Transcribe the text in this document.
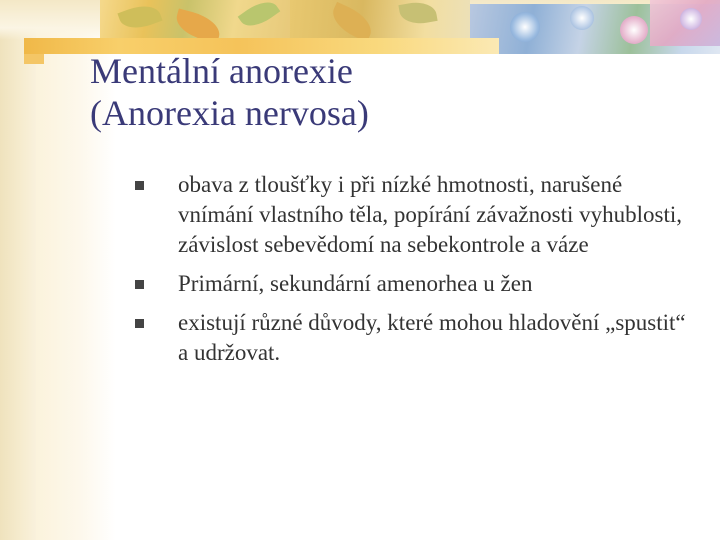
Mentální anorexie
(Anorexia nervosa)
obava z tloušťky i při nízké hmotnosti, narušené vnímání vlastního těla, popírání závažnosti vyhublosti, závislost sebevědomí na sebekontrole a váze
Primární, sekundární amenorhea u žen
existují různé důvody, které mohou hladovění „spustit“ a udržovat.
